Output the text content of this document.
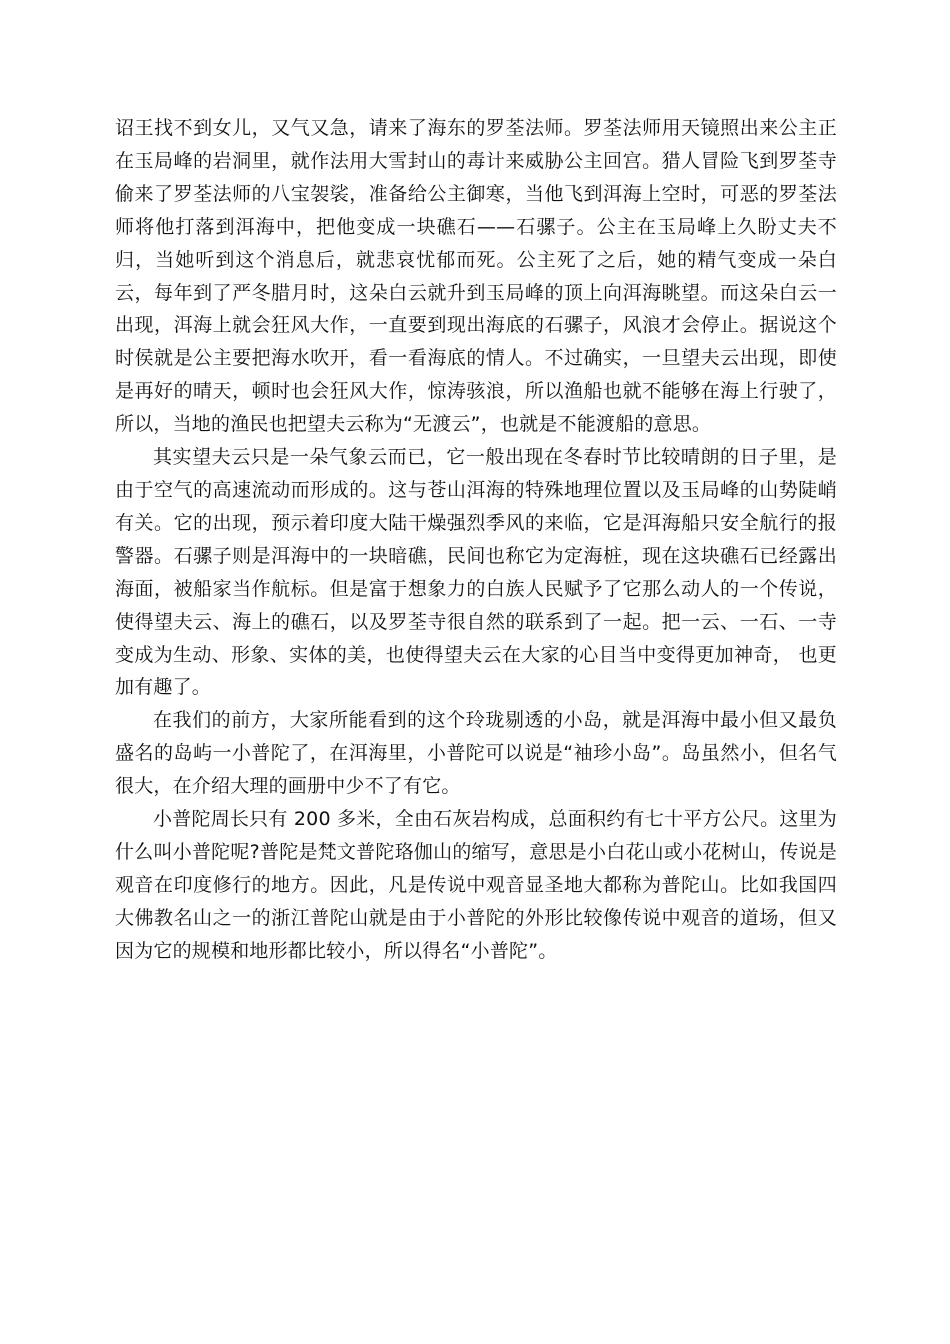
诏王找不到女儿，又气又急，请来了海东的罗荃法师。罗荃法师用天镜照出来公主正在玉局峰的岩洞里，就作法用大雪封山的毒计来威胁公主回宫。猎人冒险飞到罗荃寺偷来了罗荃法师的八宝袈裟，准备给公主御寒，当他飞到洱海上空时，可恶的罗荃法师将他打落到洱海中，把他变成一块礁石——石骡子。公主在玉局峰上久盼丈夫不归，当她听到这个消息后，就悲哀忧郁而死。公主死了之后，她的精气变成一朵白云，每年到了严冬腊月时，这朵白云就升到玉局峰的顶上向洱海眺望。而这朵白云一出现，洱海上就会狂风大作，一直要到现出海底的石骡子，风浪才会停止。据说这个时侯就是公主要把海水吹开，看一看海底的情人。不过确实，一旦望夫云出现，即使是再好的晴天，顿时也会狂风大作，惊涛骇浪，所以渔船也就不能够在海上行驶了，所以，当地的渔民也把望夫云称为“无渡云”，也就是不能渡船的意思。

其实望夫云只是一朵气象云而已，它一般出现在冬春时节比较晴朗的日子里，是由于空气的高速流动而形成的。这与苍山洱海的特殊地理位置以及玉局峰的山势陡峭有关。它的出现，预示着印度大陆干燥强烈季风的来临，它是洱海船只安全航行的报警器。石骡子则是洱海中的一块暗礁，民间也称它为定海桩，现在这块礁石已经露出海面，被船家当作航标。但是富于想象力的白族人民赋予了它那么动人的一个传说，使得望夫云、海上的礁石，以及罗荃寺很自然的联系到了一起。把一云、一石、一寺变成为生动、形象、实体的美，也使得望夫云在大家的心目当中变得更加神奇， 也更加有趣了。

在我们的前方，大家所能看到的这个玲珑剔透的小岛，就是洱海中最小但又最负盛名的岛屿一小普陀了，在洱海里，小普陀可以说是“袖珍小岛”。岛虽然小，但名气很大，在介绍大理的画册中少不了有它。

小普陀周长只有 200 多米，全由石灰岩构成，总面积约有七十平方公尺。这里为什么叫小普陀呢?普陀是梵文普陀珞伽山的缩写，意思是小白花山或小花树山，传说是观音在印度修行的地方。因此，凡是传说中观音显圣地大都称为普陀山。比如我国四大佛教名山之一的浙江普陀山就是由于小普陀的外形比较像传说中观音的道场，但又因为它的规模和地形都比较小，所以得名“小普陀”。
